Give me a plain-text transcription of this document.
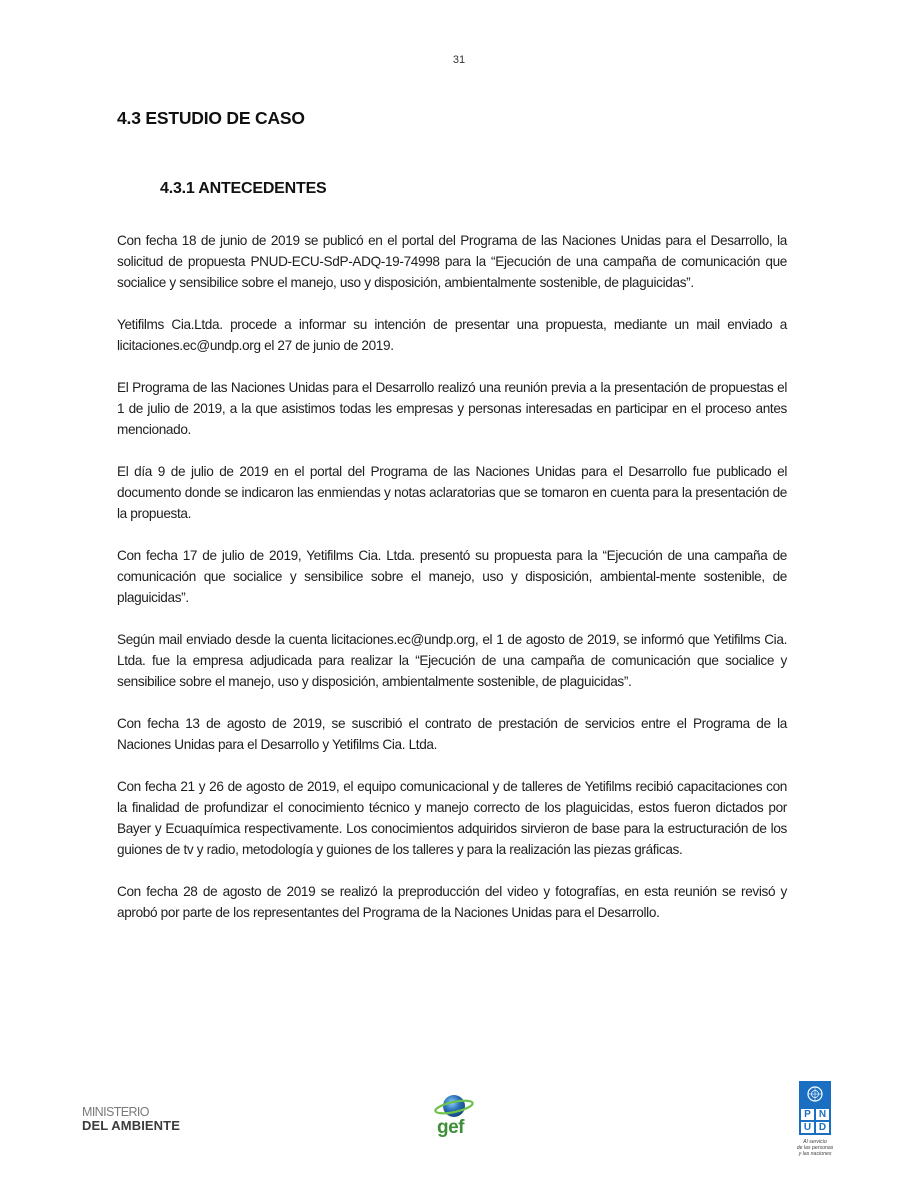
31
4.3 ESTUDIO DE CASO
4.3.1 ANTECEDENTES

Con fecha 18 de junio de 2019 se publicó en el portal del Programa de las Naciones Unidas para el Desarrollo, la solicitud de propuesta PNUD-ECU-SdP-ADQ-19-74998 para la “Ejecución de una campaña de comunicación que socialice y sensibilice sobre el manejo, uso y disposición, ambientalmente sostenible, de plaguicidas”.

Yetifilms Cia.Ltda. procede a informar su intención de presentar una propuesta, mediante un mail enviado a licitaciones.ec@undp.org el 27 de junio de 2019.

El Programa de las Naciones Unidas para el Desarrollo realizó una reunión previa a la presentación de propuestas el 1 de julio de 2019, a la que asistimos todas les empresas y personas interesadas en participar en el proceso antes mencionado.

El día 9 de julio de 2019 en el portal del Programa de las Naciones Unidas para el Desarrollo fue publicado el documento donde se indicaron las enmiendas y notas aclaratorias que se tomaron en cuenta para la presentación de la propuesta.

Con fecha 17 de julio de 2019, Yetifilms Cia. Ltda. presentó su propuesta para la “Ejecución de una campaña de comunicación que socialice y sensibilice sobre el manejo, uso y disposición, ambiental-mente sostenible, de plaguicidas”.

Según mail enviado desde la cuenta licitaciones.ec@undp.org, el 1 de agosto de 2019, se informó que Yetifilms Cia. Ltda. fue la empresa adjudicada para realizar la “Ejecución de una campaña de comunicación que socialice y sensibilice sobre el manejo, uso y disposición, ambientalmente sostenible, de plaguicidas”.

Con fecha 13 de agosto de 2019, se suscribió el contrato de prestación de servicios entre el Programa de la Naciones Unidas para el Desarrollo y Yetifilms Cia. Ltda.

Con fecha 21 y 26 de agosto de 2019, el equipo comunicacional y de talleres de Yetifilms recibió capacitaciones con la finalidad de profundizar el conocimiento técnico y manejo correcto de los plaguicidas, estos fueron dictados por Bayer y Ecuaquímica respectivamente. Los conocimientos adquiridos sirvieron de base para la estructuración de los guiones de tv y radio, metodología y guiones de los talleres y para la realización las piezas gráficas.

Con fecha 28 de agosto de 2019 se realizó la preproducción del video y fotografías, en esta reunión se revisó y aprobó por parte de los representantes del Programa de la Naciones Unidas para el Desarrollo.

MINISTERIO
DEL AMBIENTE	gef
P N
U D
Al servicio
de las personas
y las naciones
